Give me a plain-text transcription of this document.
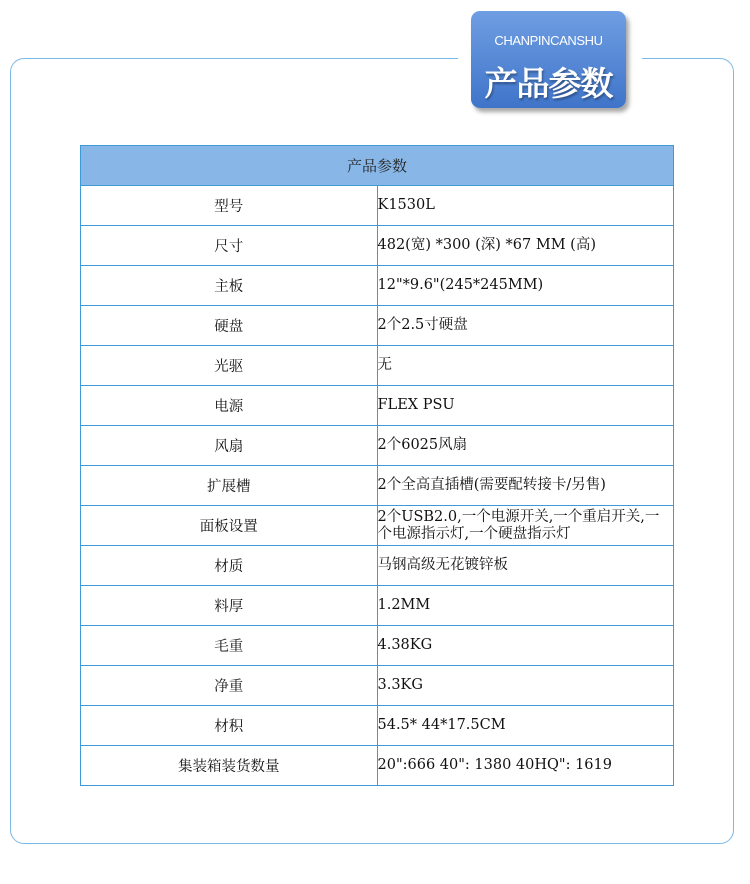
CHANPINCANSHU
产品参数
产品参数	
型号	K1530L
尺寸	482(宽) *300 (深) *67 MM (高)
主板	12"*9.6"(245*245MM)
硬盘	2个2.5寸硬盘
光驱	无
电源	FLEX PSU
风扇	2个6025风扇
扩展槽	2个全高直插槽(需要配转接卡/另售)
面板设置	2个USB2.0,一个电源开关,一个重启开关,一个电源指示灯,一个硬盘指示灯
材质	马钢高级无花镀锌板
料厚	1.2MM
毛重	4.38KG
净重	3.3KG
材积	54.5* 44*17.5CM
集装箱装货数量	20":666 40": 1380 40HQ": 1619
